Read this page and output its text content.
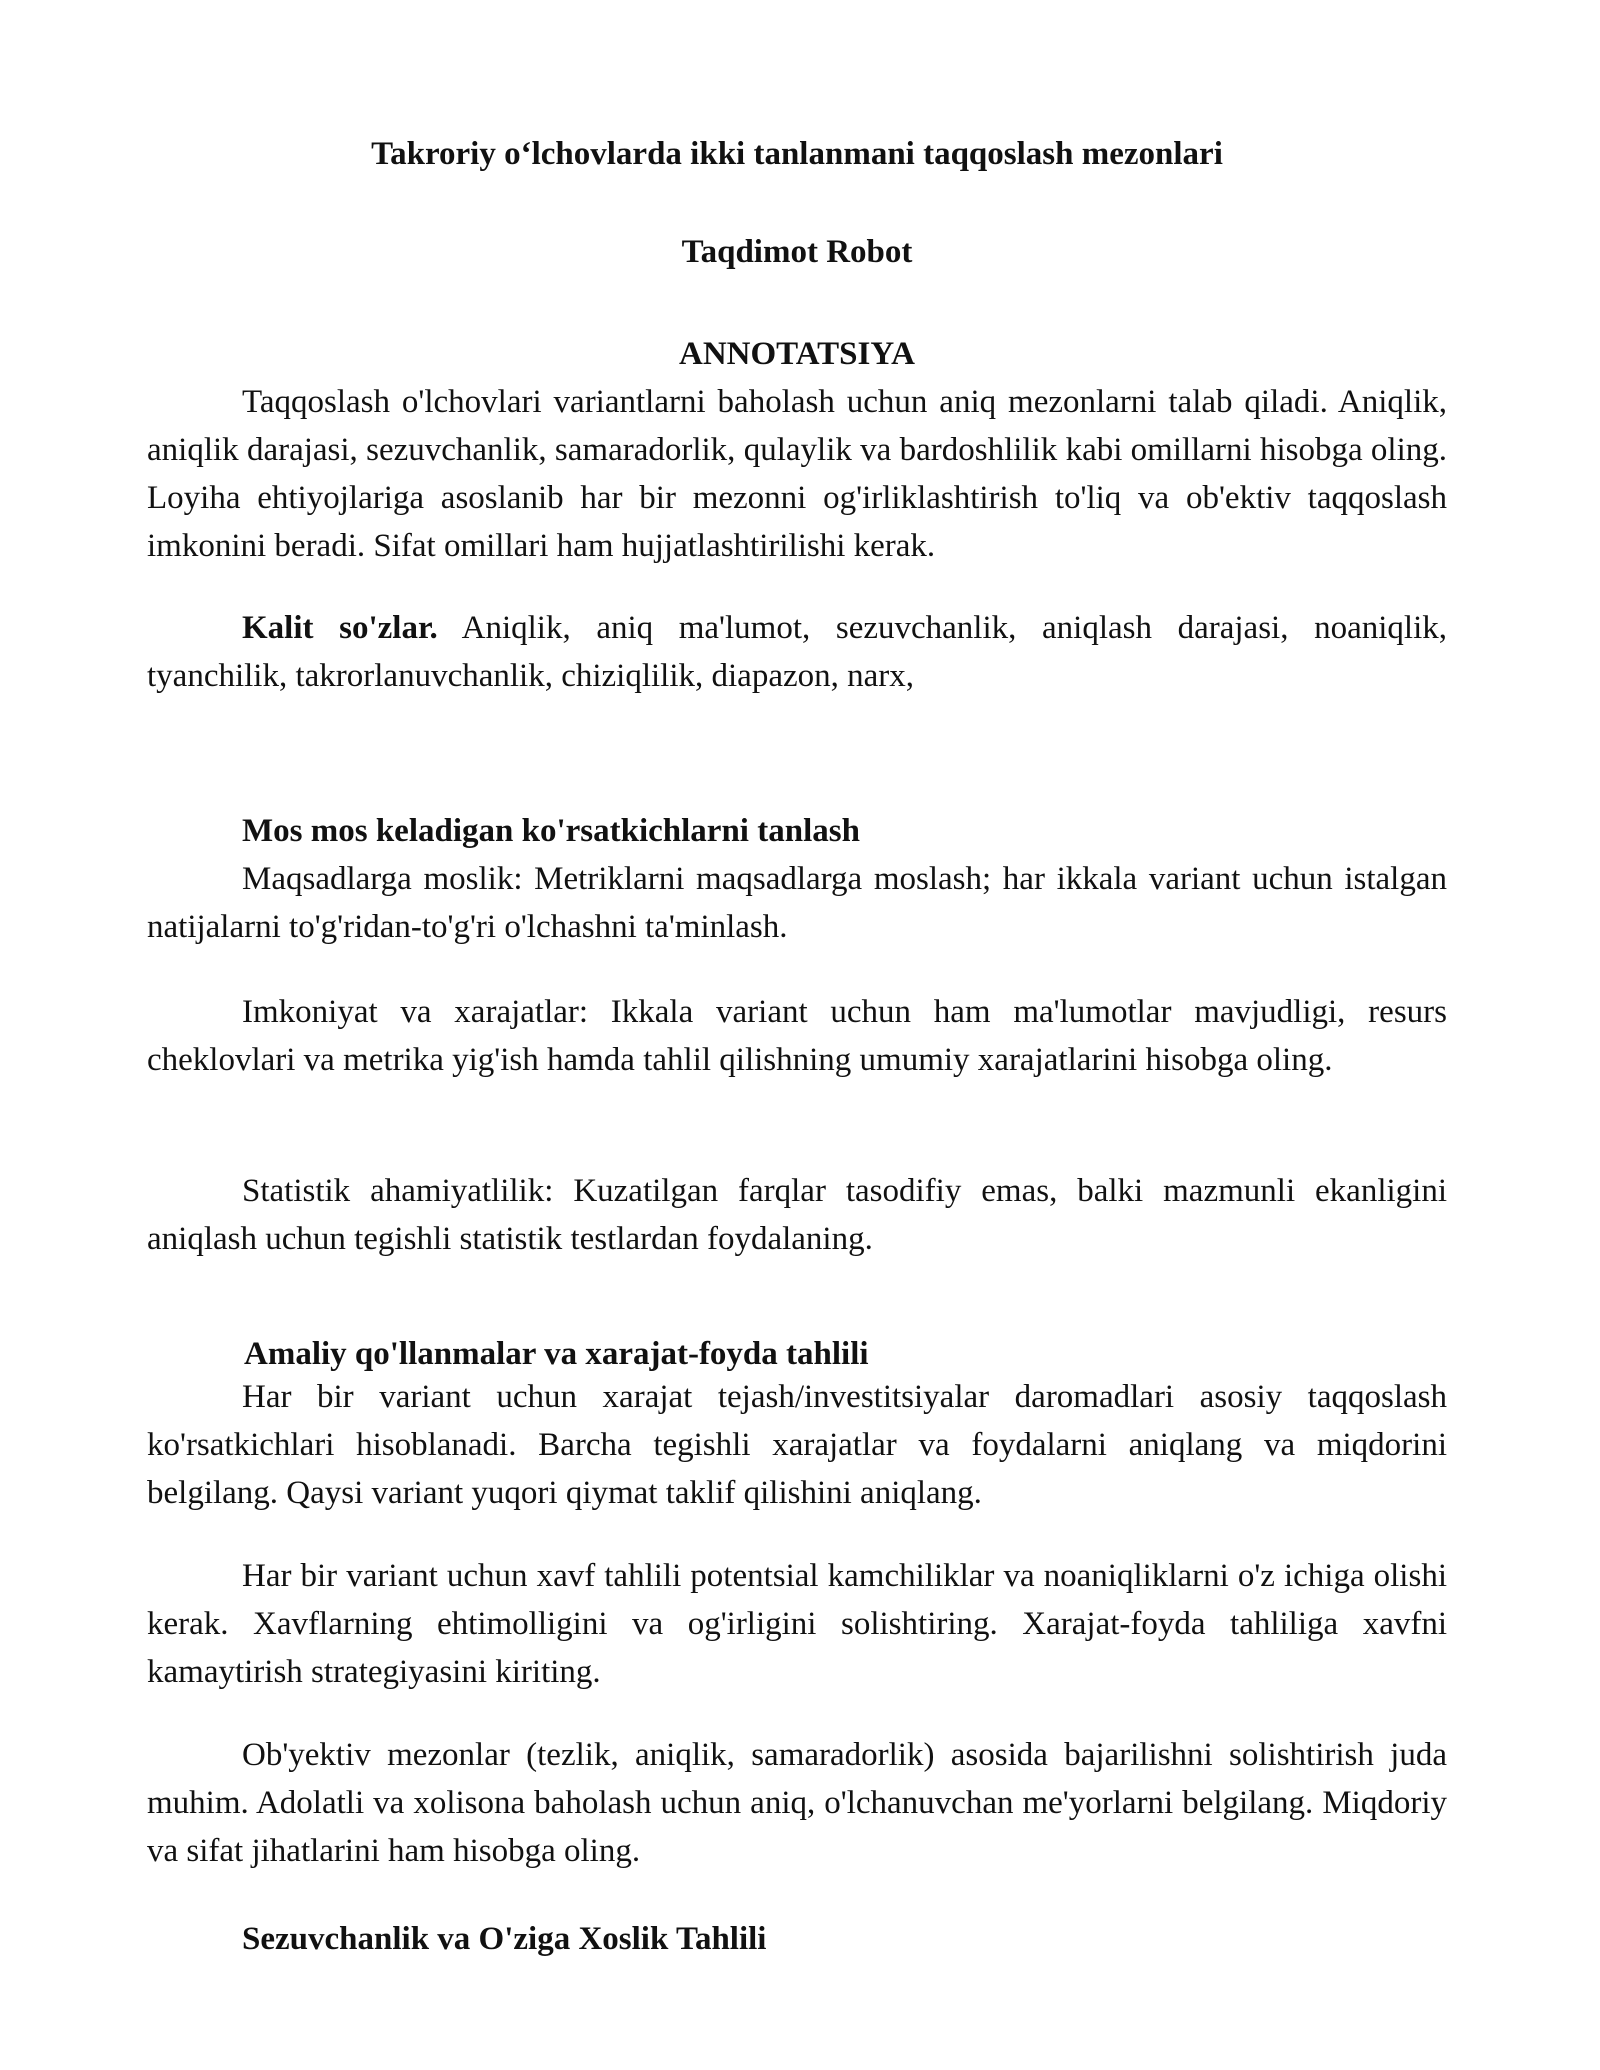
Takroriy o‘lchovlarda ikki tanlanmani taqqoslash mezonlari
Taqdimot Robot
ANNOTATSIYA

Taqqoslash o'lchovlari variantlarni baholash uchun aniq mezonlarni talab qiladi. Aniqlik, aniqlik darajasi, sezuvchanlik, samaradorlik, qulaylik va bardoshlilik kabi omillarni hisobga oling. Loyiha ehtiyojlariga asoslanib har bir mezonni og'irliklashtirish to'liq va ob'ektiv taqqoslash imkonini beradi. Sifat omillari ham hujjatlashtirilishi kerak.

Kalit so'zlar. Aniqlik, aniq ma'lumot, sezuvchanlik, aniqlash darajasi, noaniqlik, tyanchilik, takrorlanuvchanlik, chiziqlilik, diapazon, narx,

Mos mos keladigan ko'rsatkichlarni tanlash

Maqsadlarga moslik: Metriklarni maqsadlarga moslash; har ikkala variant uchun istalgan natijalarni to'g'ridan-to'g'ri o'lchashni ta'minlash.

Imkoniyat va xarajatlar: Ikkala variant uchun ham ma'lumotlar mavjudligi, resurs cheklovlari va metrika yig'ish hamda tahlil qilishning umumiy xarajatlarini hisobga oling.

Statistik ahamiyatlilik: Kuzatilgan farqlar tasodifiy emas, balki mazmunli ekanligini aniqlash uchun tegishli statistik testlardan foydalaning.

Amaliy qo'llanmalar va xarajat-foyda tahlili

Har bir variant uchun xarajat tejash/investitsiyalar daromadlari asosiy taqqoslash ko'rsatkichlari hisoblanadi. Barcha tegishli xarajatlar va foydalarni aniqlang va miqdorini belgilang. Qaysi variant yuqori qiymat taklif qilishini aniqlang.

Har bir variant uchun xavf tahlili potentsial kamchiliklar va noaniqliklarni o'z ichiga olishi kerak. Xavflarning ehtimolligini va og'irligini solishtiring. Xarajat-foyda tahliliga xavfni kamaytirish strategiyasini kiriting.

Ob'yektiv mezonlar (tezlik, aniqlik, samaradorlik) asosida bajarilishni solishtirish juda muhim. Adolatli va xolisona baholash uchun aniq, o'lchanuvchan me'yorlarni belgilang. Miqdoriy va sifat jihatlarini ham hisobga oling.

Sezuvchanlik va O'ziga Xoslik Tahlili
